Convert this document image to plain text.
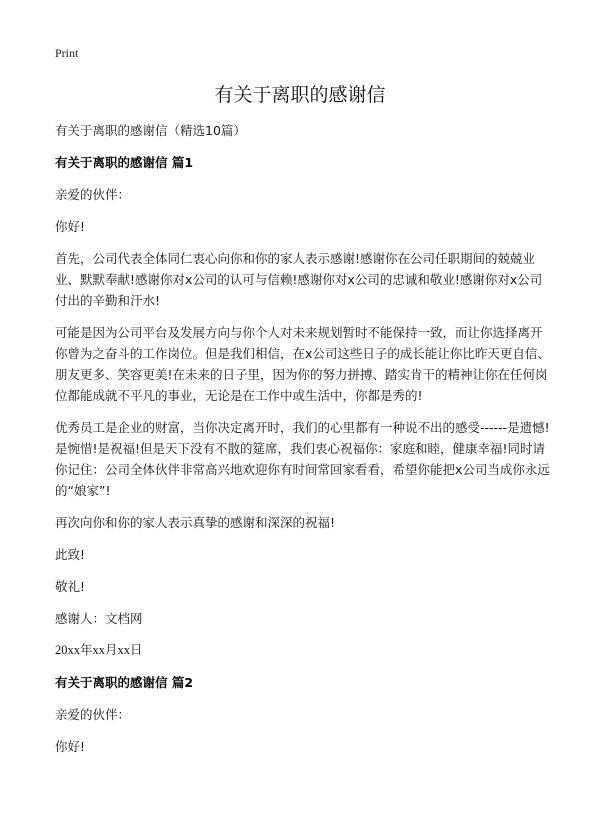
Print
有关于离职的感谢信

有关于离职的感谢信（精选10篇）

有关于离职的感谢信 篇1

亲爱的伙伴：

你好!

首先，公司代表全体同仁衷心向你和你的家人表示感谢!感谢你在公司任职期间的兢兢业业、默默奉献!感谢你对x公司的认可与信赖!感谢你对x公司的忠诚和敬业!感谢你对x公司付出的辛勤和汗水!

可能是因为公司平台及发展方向与你个人对未来规划暂时不能保持一致，而让你选择离开你曾为之奋斗的工作岗位。但是我们相信，在x公司这些日子的成长能让你比昨天更自信、朋友更多、笑容更美!在未来的日子里，因为你的努力拼搏、踏实肯干的精神让你在任何岗位都能成就不平凡的事业，无论是在工作中或生活中，你都是秀的!

优秀员工是企业的财富，当你决定离开时，我们的心里都有一种说不出的感受------是遗憾!是惋惜!是祝福!但是天下没有不散的筵席，我们衷心祝福你：家庭和睦，健康幸福!同时请你记住：公司全体伙伴非常高兴地欢迎你有时间常回家看看，希望你能把x公司当成你永远的“娘家”!

再次向你和你的家人表示真挚的感谢和深深的祝福!

此致!

敬礼!

感谢人：文档网

20xx年xx月xx日

有关于离职的感谢信 篇2

亲爱的伙伴：

你好!
